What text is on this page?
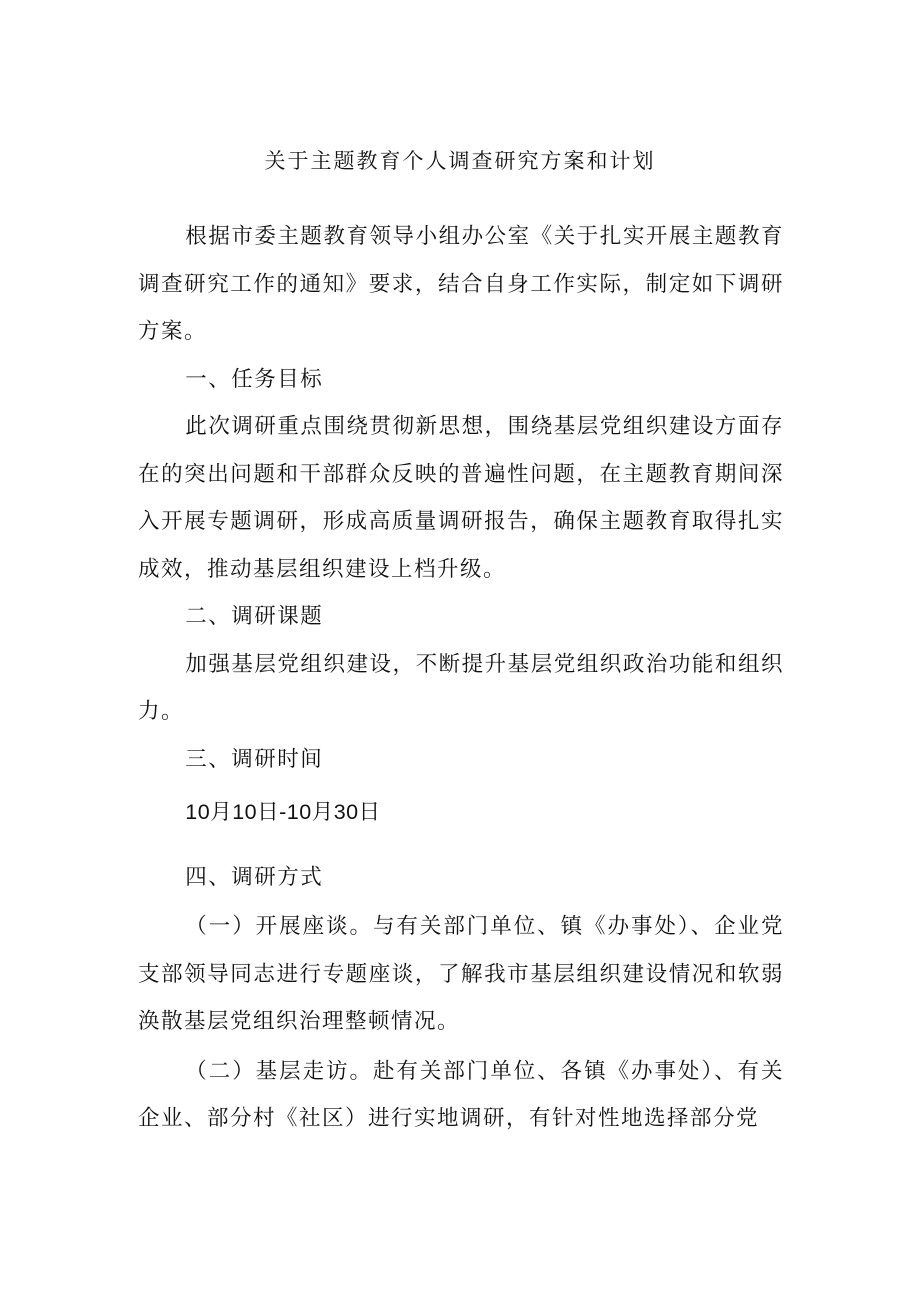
关于主题教育个人调查研究方案和计划

根据市委主题教育领导小组办公室《关于扎实开展主题教育调查研究工作的通知》要求，结合自身工作实际，制定如下调研方案。

一、任务目标

此次调研重点围绕贯彻新思想，围绕基层党组织建设方面存在的突出问题和干部群众反映的普遍性问题，在主题教育期间深入开展专题调研，形成高质量调研报告，确保主题教育取得扎实成效，推动基层组织建设上档升级。

二、调研课题

加强基层党组织建设，不断提升基层党组织政治功能和组织力。

三、调研时间

10月10日-10月30日

四、调研方式

（一）开展座谈。与有关部门单位、镇《办事处）、企业党支部领导同志进行专题座谈，了解我市基层组织建设情况和软弱涣散基层党组织治理整顿情况。

（二）基层走访。赴有关部门单位、各镇《办事处）、有关企业、部分村《社区）进行实地调研，有针对性地选择部分党
